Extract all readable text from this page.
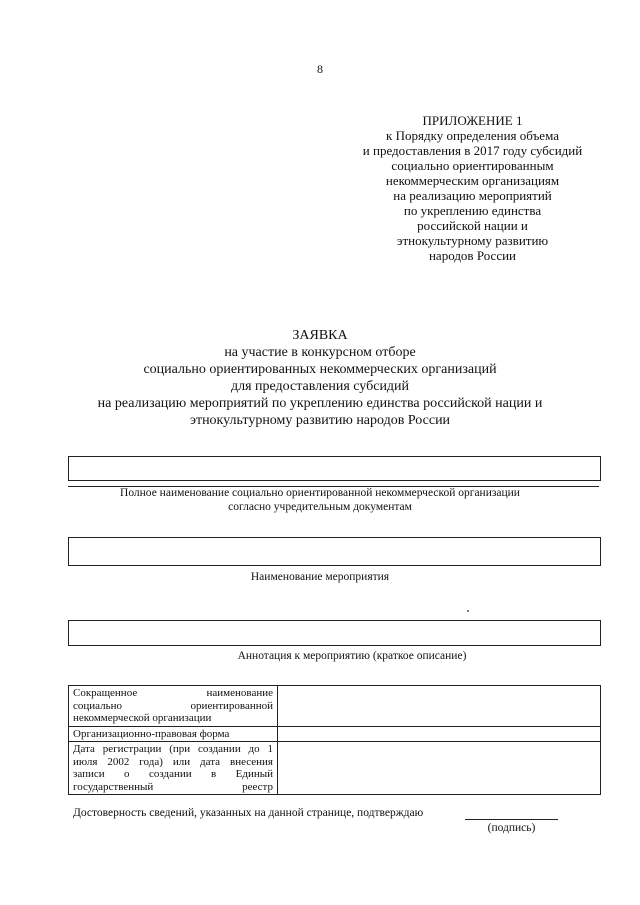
8
ПРИЛОЖЕНИЕ 1
к Порядку определения объема
и предоставления в 2017 году субсидий
социально ориентированным
некоммерческим организациям
на реализацию мероприятий
по укреплению единства
российской нации и
этнокультурному развитию
народов России
ЗАЯВКА
на участие в конкурсном отборе
социально ориентированных некоммерческих организаций
для предоставления субсидий
на реализацию мероприятий по укреплению единства российской нации и
этнокультурному развитию народов России
Полное наименование социально ориентированной некоммерческой организации
согласно учредительным документам
Наименование мероприятия
Аннотация к мероприятию (краткое описание)
Сокращенное наименование
социально ориентированной
некоммерческой организации	

Организационно-правовая форма	

Дата регистрации (при создании до 1
июля 2002 года) или дата внесения
записи о создании в Единый
государственный реестр	

Достоверность сведений, указанных на данной странице, подтверждаю
(подпись)
